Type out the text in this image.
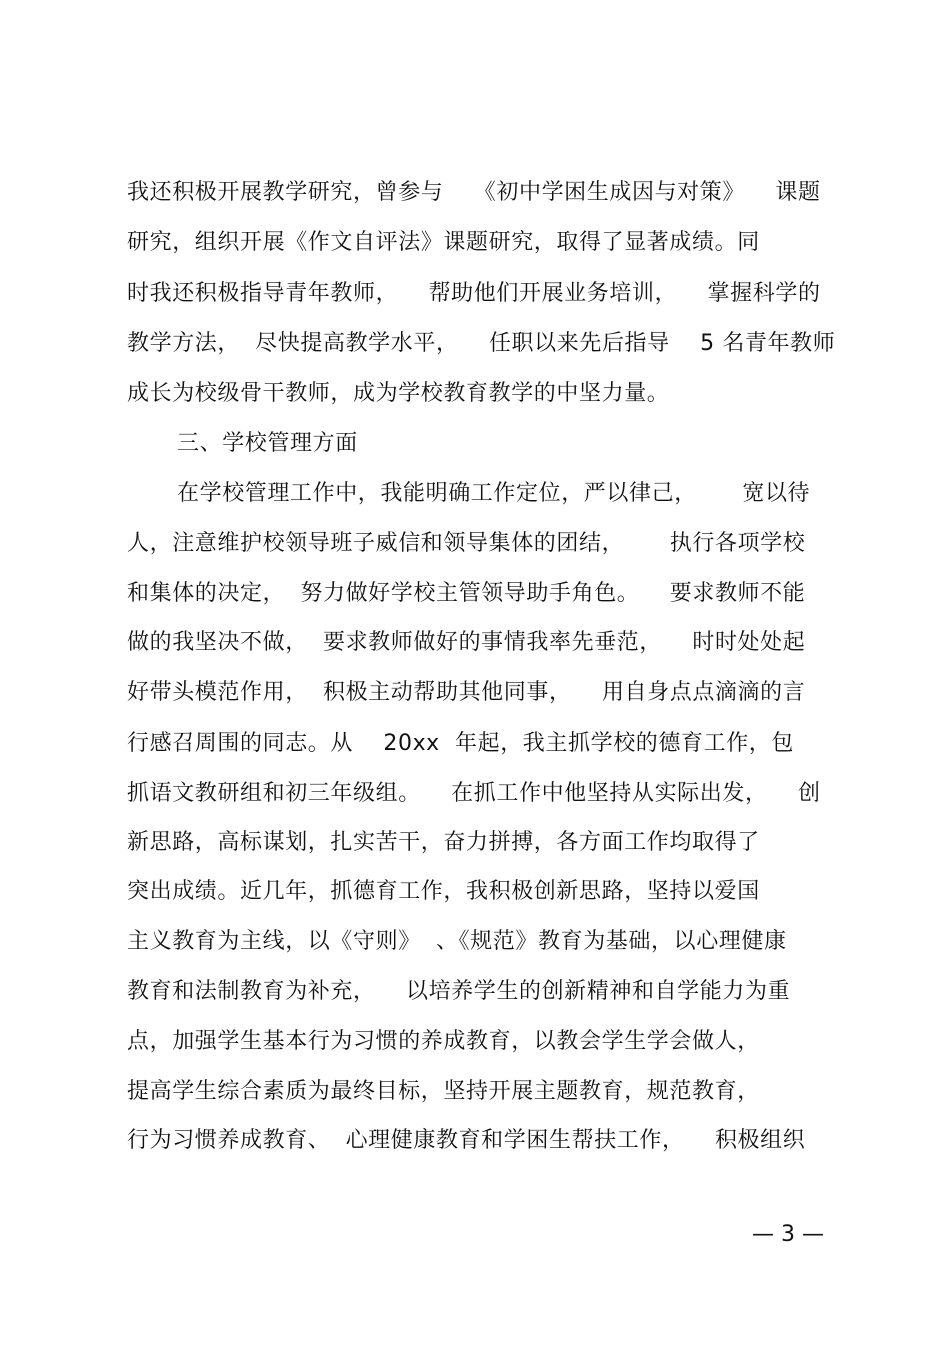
我还积极开展教学研究，曾参与    《初中学困生成因与对策》    课题
研究，组织开展《作文自评法》课题研究，取得了显著成绩。同
时我还积极指导青年教师，    帮助他们开展业务培训，    掌握科学的
教学方法，  尽快提高教学水平，    任职以来先后指导    5 名青年教师
成长为校级骨干教师，成为学校教育教学的中坚力量。
三、学校管理方面
在学校管理工作中，我能明确工作定位，严以律己，      宽以待
人，注意维护校领导班子威信和领导集体的团结，      执行各项学校
和集体的决定，  努力做好学校主管领导助手角色。    要求教师不能
做的我坚决不做，  要求教师做好的事情我率先垂范，    时时处处起
好带头模范作用，  积极主动帮助其他同事，    用自身点点滴滴的言
行感召周围的同志。从    20xx  年起，我主抓学校的德育工作，包
抓语文教研组和初三年级组。    在抓工作中他坚持从实际出发，    创
新思路，高标谋划，扎实苦干，奋力拼搏，各方面工作均取得了
突出成绩。近几年，抓德育工作，我积极创新思路，坚持以爱国
主义教育为主线，以《守则》  、《规范》教育为基础，以心理健康
教育和法制教育为补充，    以培养学生的创新精神和自学能力为重
点，加强学生基本行为习惯的养成教育，以教会学生学会做人，
提高学生综合素质为最终目标，坚持开展主题教育，规范教育，
行为习惯养成教育、  心理健康教育和学困生帮扶工作，    积极组织
— 3 —
